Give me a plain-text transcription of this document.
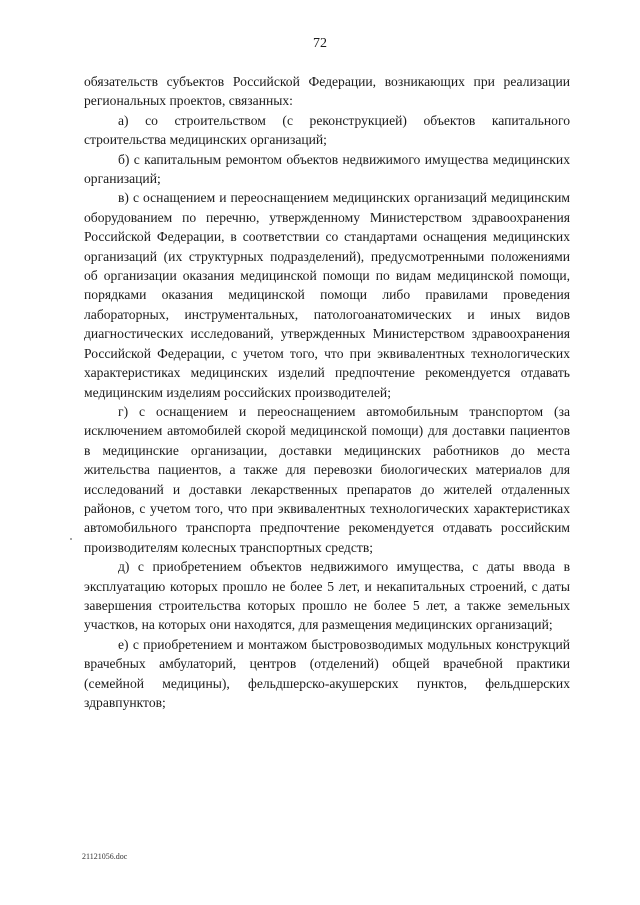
72

обязательств субъектов Российской Федерации, возникающих при реализации региональных проектов, связанных:

а) со строительством (с реконструкцией) объектов капитального строительства медицинских организаций;

б) с капитальным ремонтом объектов недвижимого имущества медицинских организаций;

в) с оснащением и переоснащением медицинских организаций медицинским оборудованием по перечню, утвержденному Министерством здравоохранения Российской Федерации, в соответствии со стандартами оснащения медицинских организаций (их структурных подразделений), предусмотренными положениями об организации оказания медицинской помощи по видам медицинской помощи, порядками оказания медицинской помощи либо правилами проведения лабораторных, инструментальных, патологоанатомических и иных видов диагностических исследований, утвержденных Министерством здравоохранения Российской Федерации, с учетом того, что при эквивалентных технологических характеристиках медицинских изделий предпочтение рекомендуется отдавать медицинским изделиям российских производителей;

г) с оснащением и переоснащением автомобильным транспортом (за исключением автомобилей скорой медицинской помощи) для доставки пациентов в медицинские организации, доставки медицинских работников до места жительства пациентов, а также для перевозки биологических материалов для исследований и доставки лекарственных препаратов до жителей отдаленных районов, с учетом того, что при эквивалентных технологических характеристиках автомобильного транспорта предпочтение рекомендуется отдавать российским производителям колесных транспортных средств;

д) с приобретением объектов недвижимого имущества, с даты ввода в эксплуатацию которых прошло не более 5 лет, и некапитальных строений, с даты завершения строительства которых прошло не более 5 лет, а также земельных участков, на которых они находятся, для размещения медицинских организаций;

е) с приобретением и монтажом быстровозводимых модульных конструкций врачебных амбулаторий, центров (отделений) общей врачебной практики (семейной медицины), фельдшерско-акушерских пунктов, фельдшерских здравпунктов;

21121056.doc
